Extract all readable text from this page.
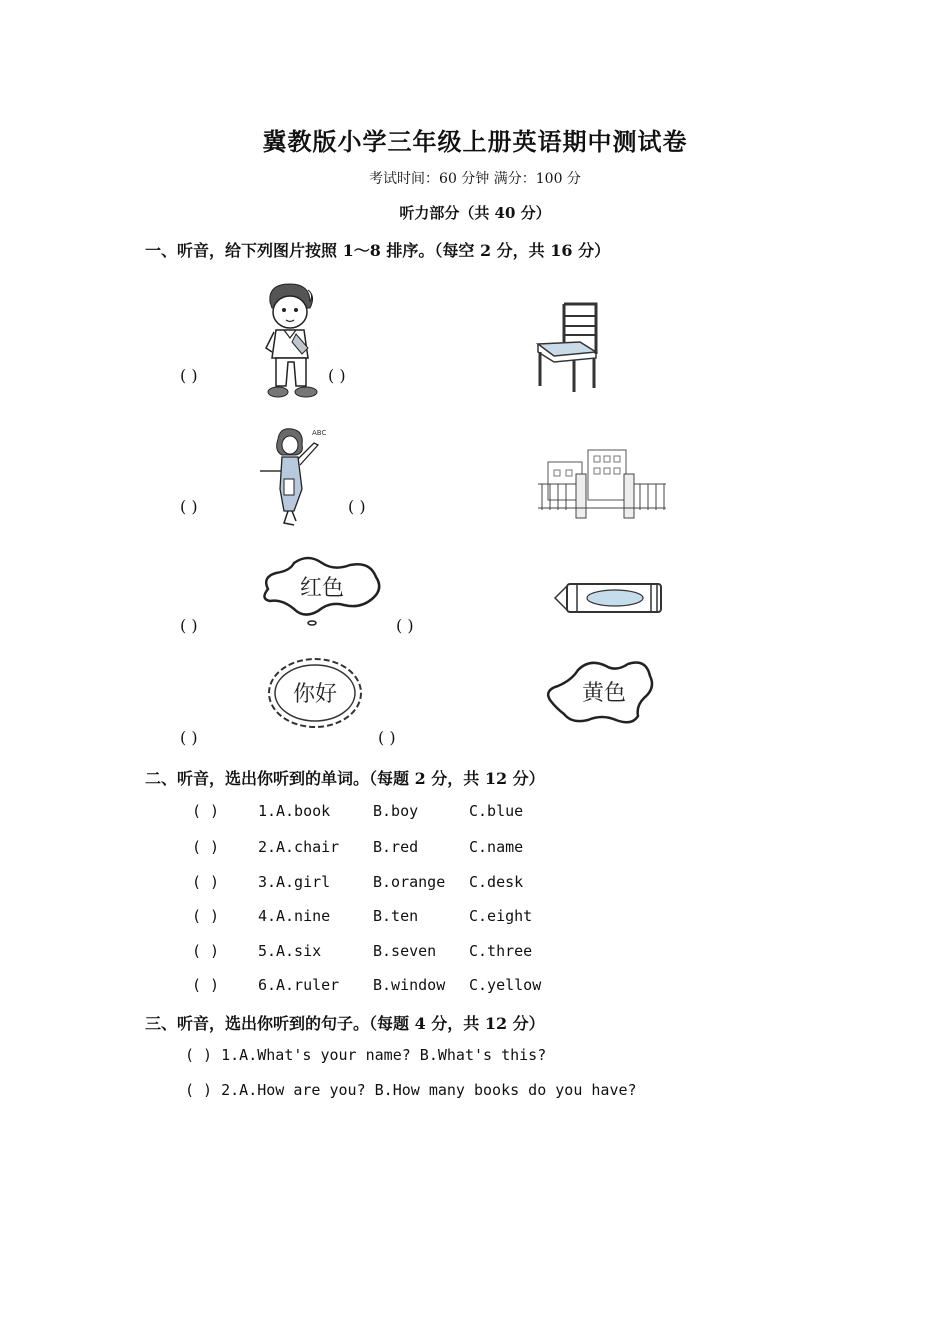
冀教版小学三年级上册英语期中测试卷
考试时间：60 分钟 满分：100 分
听力部分（共 40 分）
一、听音，给下列图片按照 1～8 排序。（每空 2 分，共 16 分）
( )	( )
( )	( )
( )	( )
( )	( )
ABC
红色
你好	黄色
二、听音，选出你听到的单词。（每题 2 分，共 12 分）
( )	1. A.book	B.boy	C.blue
( )	2. A.chair B.red	C.name
( )	3. A.girl	B.orange C.desk
( )	4. A.nine	B.ten	C.eight
( )	5. A.six	B.seven C.three
( )	6. A.ruler B.window C.yellow
三、听音，选出你听到的句子。（每题 4 分，共 12 分）
( ) 1.A.What's your name? B.What's this?
( ) 2.A.How are you? B.How many books do you have?
